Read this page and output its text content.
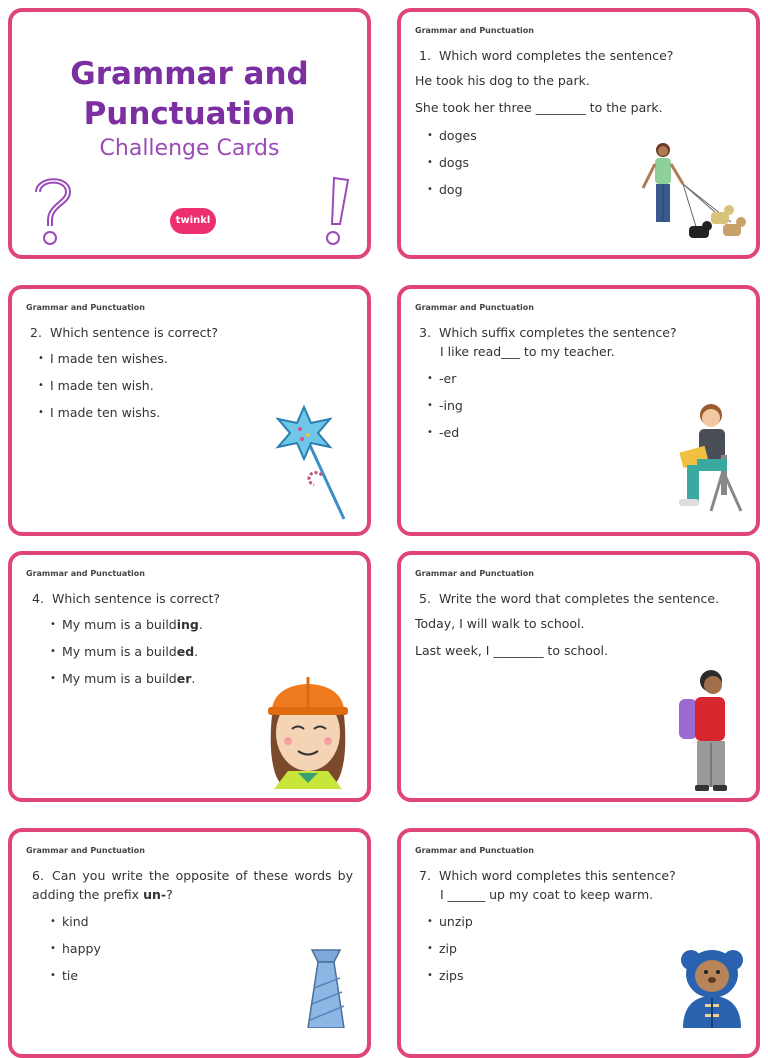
Grammar and
Punctuation
Challenge Cards
twinkl
Grammar and Punctuation
1. Which word completes the sentence?
He took his dog to the park.
She took her three ________ to the park.
• doges
• dogs
• dog
Grammar and Punctuation
2. Which sentence is correct?
• I made ten wishes.
• I made ten wish.
• I made ten wishs.
Grammar and Punctuation
3. Which suffix completes the sentence?
I like read___ to my teacher.
• -er
• -ing
• -ed
Grammar and Punctuation
4. Which sentence is correct?
• My mum is a building.
• My mum is a builded.
• My mum is a builder.
Grammar and Punctuation
5. Write the word that completes the sentence.
Today, I will walk to school.
Last week, I ________ to school.
Grammar and Punctuation
6. Can you write the opposite of these words by adding the prefix un-?
• kind
• happy
• tie
Grammar and Punctuation
7. Which word completes this sentence?
I ______ up my coat to keep warm.
• unzip
• zip
• zips
